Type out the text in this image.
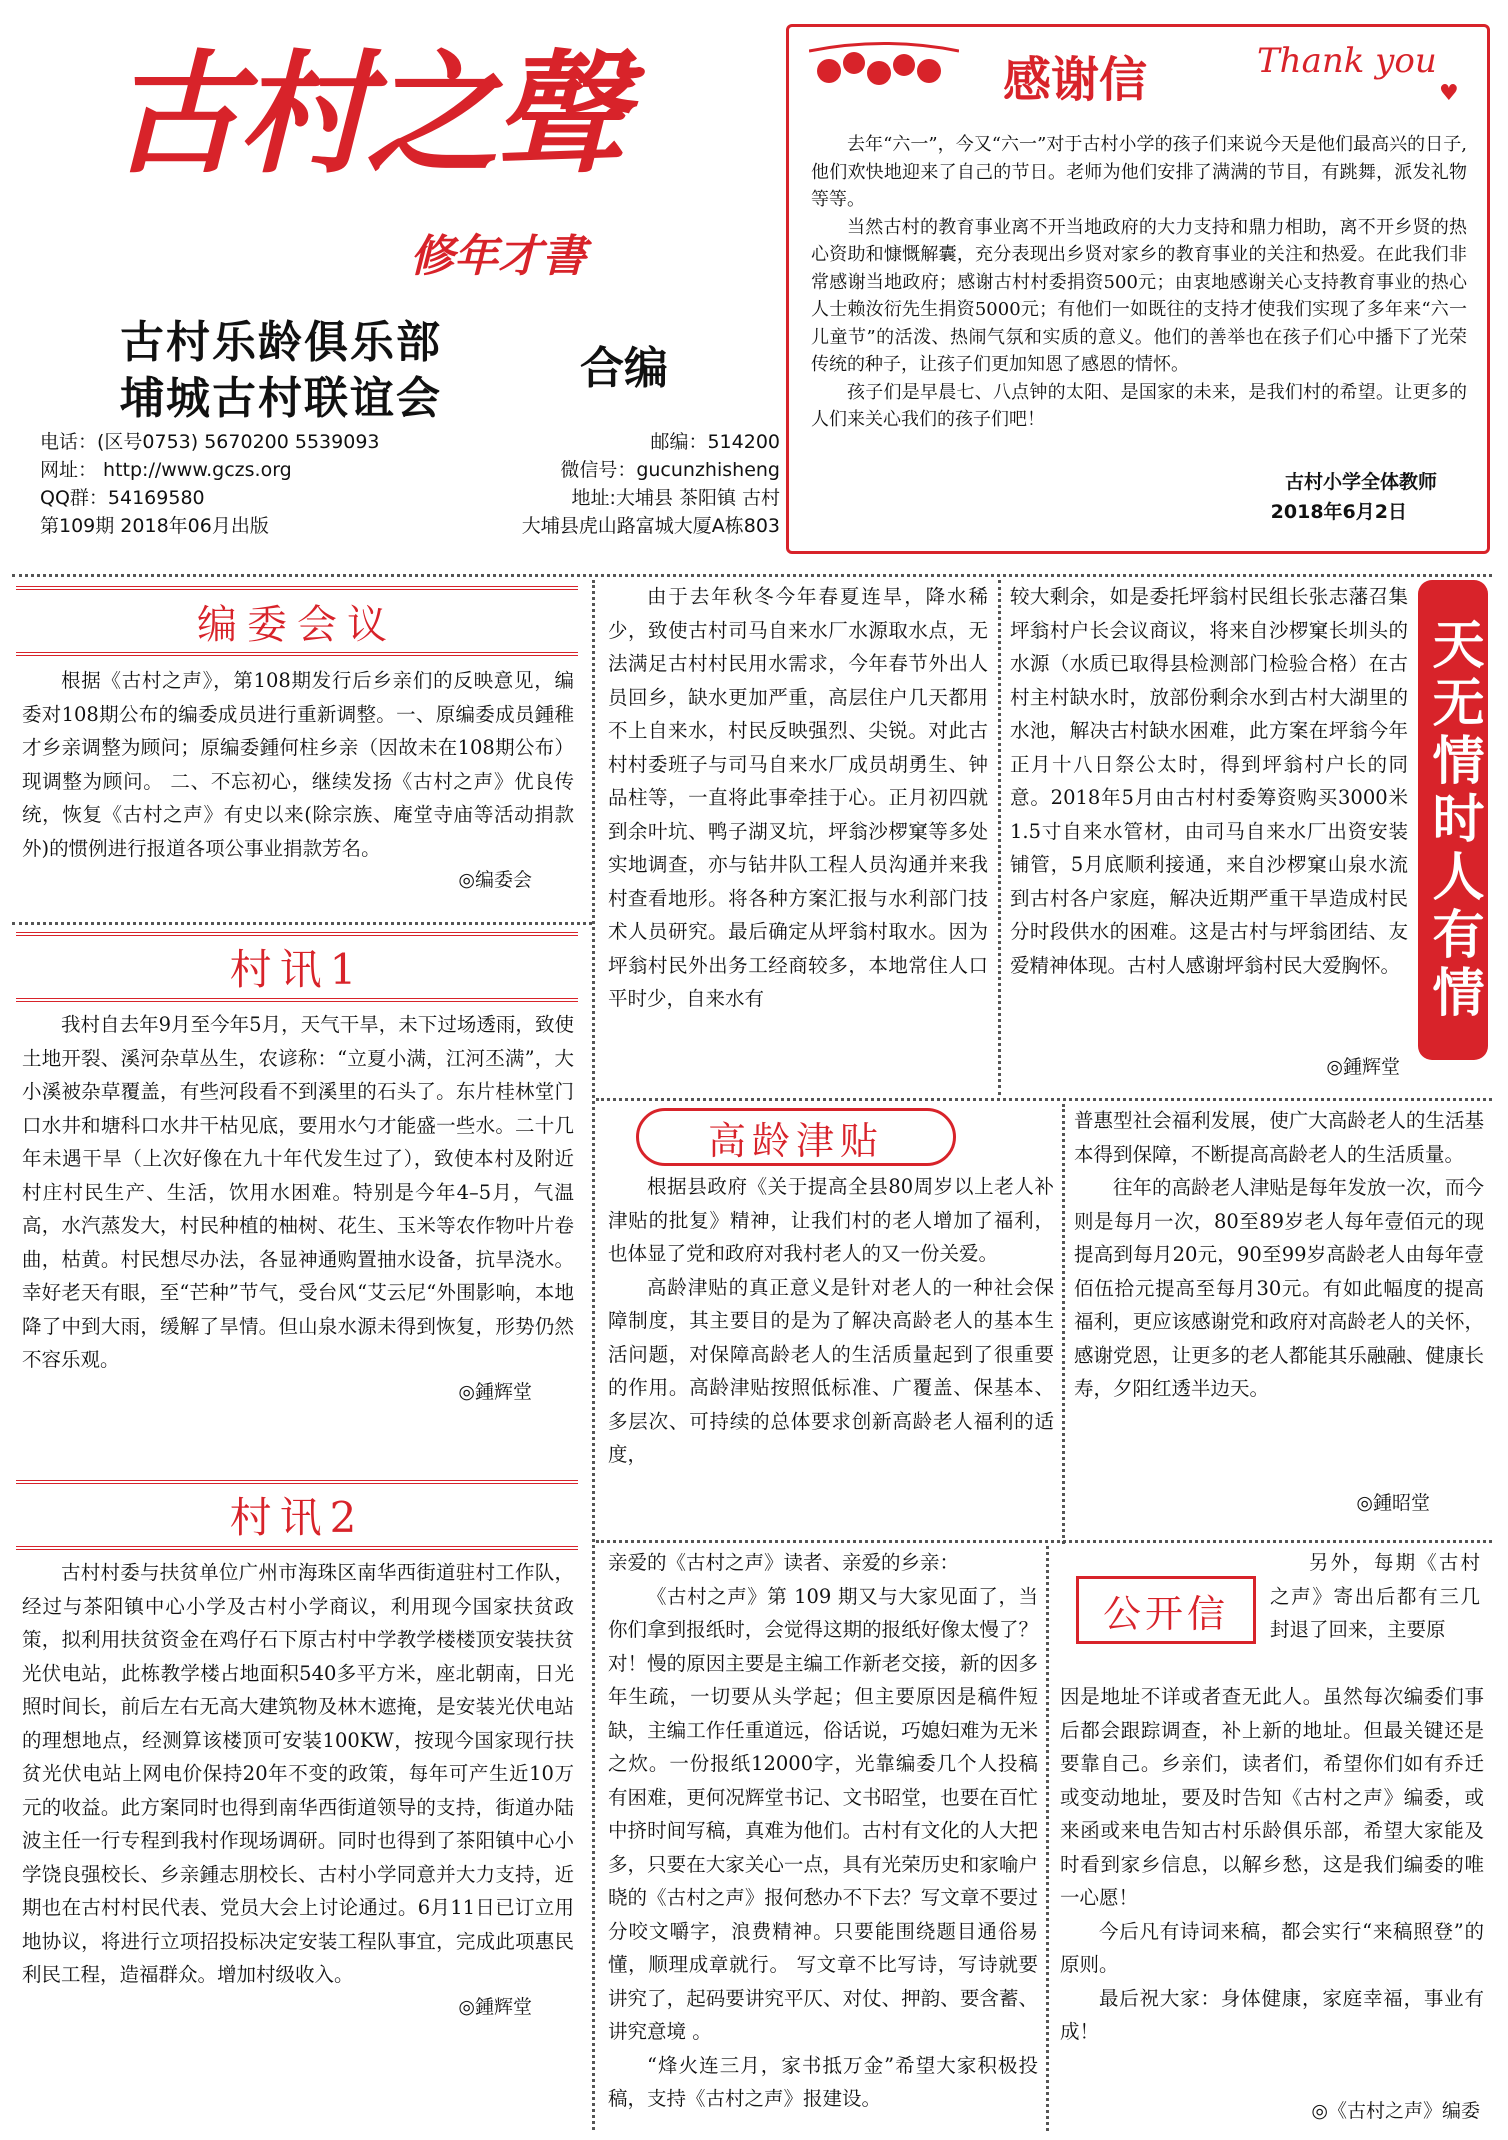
古村之聲
修年才書
古村乐龄俱乐部
埔城古村联谊会
合编
电话：(区号0753) 5670200 5539093	邮编：514200
网址： http://www.gczs.org	微信号：gucunzhisheng
QQ群：54169580	地址:大埔县 茶阳镇 古村
第109期 2018年06月出版	大埔县虎山路富城大厦A栋803
感谢信	Thank you
♥

去年“六一”，今又“六一”对于古村小学的孩子们来说今天是他们最高兴的日子,他们欢快地迎来了自己的节日。老师为他们安排了满满的节目，有跳舞，派发礼物等等。

当然古村的教育事业离不开当地政府的大力支持和鼎力相助，离不开乡贤的热心资助和慷慨解囊，充分表现出乡贤对家乡的教育事业的关注和热爱。在此我们非常感谢当地政府；感谢古村村委捐资500元；由衷地感谢关心支持教育事业的热心人士赖汝衍先生捐资5000元；有他们一如既往的支持才使我们实现了多年来“六一儿童节”的活泼、热闹气氛和实质的意义。他们的善举也在孩子们心中播下了光荣传统的种子，让孩子们更加知恩了感恩的情怀。

孩子们是早晨七、八点钟的太阳、是国家的未来，是我们村的希望。让更多的人们来关心我们的孩子们吧！

古村小学全体教师
2018年6月2日
编委会议
根据《古村之声》，第108期发行后乡亲们的反映意见，编委对108期公布的编委成员进行重新调整。一、原编委成员鍾稚才乡亲调整为顾问；原编委鍾何柱乡亲（因故未在108期公布）现调整为顾问。 二、不忘初心，继续发扬《古村之声》优良传统，恢复《古村之声》有史以来(除宗族、庵堂寺庙等活动捐款外)的惯例进行报道各项公事业捐款芳名。
◎编委会
村讯1
我村自去年9月至今年5月，天气干旱，未下过场透雨，致使土地开裂、溪河杂草丛生，农谚称：“立夏小满，江河丕满”，大小溪被杂草覆盖，有些河段看不到溪里的石头了。东片桂林堂门口水井和塘科口水井干枯见底，要用水勺才能盛一些水。二十几年未遇干旱（上次好像在九十年代发生过了），致使本村及附近村庄村民生产、生活，饮用水困难。特别是今年4–5月，气温高，水汽蒸发大，村民种植的柚树、花生、玉米等农作物叶片卷曲，枯黄。村民想尽办法，各显神通购置抽水设备，抗旱浇水。幸好老天有眼，至“芒种”节气，受台风“艾云尼“外围影响，本地降了中到大雨，缓解了旱情。但山泉水源未得到恢复，形势仍然不容乐观。
◎鍾辉堂
村讯2
古村村委与扶贫单位广州市海珠区南华西街道驻村工作队，经过与茶阳镇中心小学及古村小学商议，利用现今国家扶贫政策，拟利用扶贫资金在鸡仔石下原古村中学教学楼楼顶安装扶贫光伏电站，此栋教学楼占地面积540多平方米，座北朝南，日光照时间长，前后左右无高大建筑物及林木遮掩，是安装光伏电站的理想地点，经测算该楼顶可安装100KW，按现今国家现行扶贫光伏电站上网电价保持20年不变的政策，每年可产生近10万元的收益。此方案同时也得到南华西街道领导的支持，街道办陆波主任一行专程到我村作现场调研。同时也得到了茶阳镇中心小学饶良强校长、乡亲鍾志朋校长、古村小学同意并大力支持，近期也在古村村民代表、党员大会上讨论通过。6月11日已订立用地协议，将进行立项招投标决定安装工程队事宜，完成此项惠民利民工程，造福群众。增加村级收入。
◎鍾辉堂
由于去年秋冬今年春夏连旱，降水稀少，致使古村司马自来水厂水源取水点，无法满足古村村民用水需求，今年春节外出人员回乡，缺水更加严重，高层住户几天都用不上自来水，村民反映强烈、尖锐。对此古村村委班子与司马自来水厂成员胡勇生、钟品柱等，一直将此事牵挂于心。正月初四就到余叶坑、鸭子湖叉坑，坪翁沙椤窠等多处实地调查，亦与钻井队工程人员沟通并来我村查看地形。将各种方案汇报与水利部门技术人员研究。最后确定从坪翁村取水。因为坪翁村民外出务工经商较多，本地常住人口平时少，自来水有
较大剩余，如是委托坪翁村民组长张志藩召集坪翁村户长会议商议，将来自沙椤窠长圳头的水源（水质已取得县检测部门检验合格）在古村主村缺水时，放部份剩余水到古村大湖里的水池，解决古村缺水困难，此方案在坪翁今年正月十八日祭公太时，得到坪翁村户长的同意。2018年5月由古村村委筹资购买3000米1.5寸自来水管材，由司马自来水厂出资安装铺管，5月底顺利接通，来自沙椤窠山泉水流到古村各户家庭，解决近期严重干旱造成村民分时段供水的困难。这是古村与坪翁团结、友爱精神体现。古村人感谢坪翁村民大爱胸怀。
◎鍾辉堂
天无情时人有情
高龄津贴

根据县政府《关于提高全县80周岁以上老人补津贴的批复》精神，让我们村的老人增加了福利，也体显了党和政府对我村老人的又一份关爱。

高龄津贴的真正意义是针对老人的一种社会保障制度，其主要目的是为了解决高龄老人的基本生活问题，对保障高龄老人的生活质量起到了很重要的作用。高龄津贴按照低标准、广覆盖、保基本、多层次、可持续的总体要求创新高龄老人福利的适度，

普惠型社会福利发展，使广大高龄老人的生活基本得到保障，不断提高高龄老人的生活质量。

往年的高龄老人津贴是每年发放一次，而今则是每月一次，80至89岁老人每年壹佰元的现提高到每月20元，90至99岁高龄老人由每年壹佰伍拾元提高至每月30元。有如此幅度的提高福利，更应该感谢党和政府对高龄老人的关怀，感谢党恩，让更多的老人都能其乐融融、健康长寿，夕阳红透半边天。

◎鍾昭堂

亲爱的《古村之声》读者、亲爱的乡亲：

《古村之声》第 109 期又与大家见面了，当你们拿到报纸时，会觉得这期的报纸好像太慢了？对！慢的原因主要是主编工作新老交接，新的因多年生疏，一切要从头学起；但主要原因是稿件短缺，主编工作任重道远，俗话说，巧媳妇难为无米之炊。一份报纸12000字，光靠编委几个人投稿有困难，更何况辉堂书记、文书昭堂，也要在百忙中挤时间写稿，真难为他们。古村有文化的人大把多，只要在大家关心一点，具有光荣历史和家喻户晓的《古村之声》报何愁办不下去？写文章不要过分咬文嚼字，浪费精神。只要能围绕题目通俗易懂，顺理成章就行。 写文章不比写诗，写诗就要讲究了，起码要讲究平仄、对仗、押韵、要含蓄、讲究意境 。

“烽火连三月，家书抵万金”希望大家积极投稿，支持《古村之声》报建设。

公开信
另外，每期《古村之声》寄出后都有三几封退了回来，主要原

因是地址不详或者查无此人。虽然每次编委们事后都会跟踪调查，补上新的地址。但最关键还是要靠自己。乡亲们，读者们，希望你们如有乔迁或变动地址，要及时告知《古村之声》编委，或来函或来电告知古村乐龄俱乐部，希望大家能及时看到家乡信息，以解乡愁，这是我们编委的唯一心愿！

今后凡有诗词来稿，都会实行“来稿照登”的原则。

最后祝大家：身体健康，家庭幸福，事业有成！

◎《古村之声》编委
